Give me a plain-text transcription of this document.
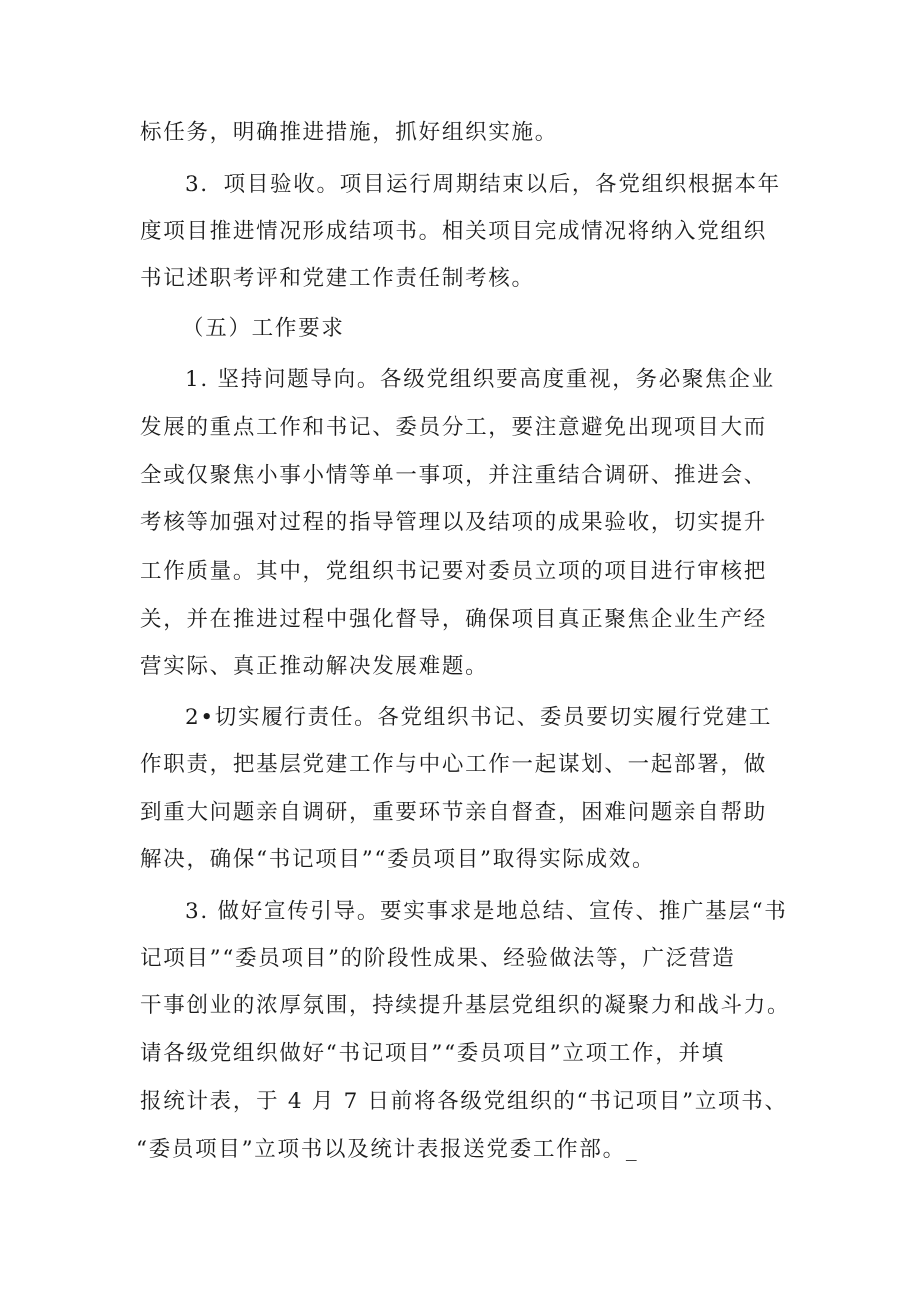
标任务，明确推进措施，抓好组织实施。
3．项目验收。项目运行周期结束以后，各党组织根据本年
度项目推进情况形成结项书。相关项目完成情况将纳入党组织
书记述职考评和党建工作责任制考核。
（五）工作要求
1. 坚持问题导向。各级党组织要高度重视，务必聚焦企业
发展的重点工作和书记、委员分工，要注意避免出现项目大而
全或仅聚焦小事小情等单一事项，并注重结合调研、推进会、
考核等加强对过程的指导管理以及结项的成果验收，切实提升
工作质量。其中，党组织书记要对委员立项的项目进行审核把
关，并在推进过程中强化督导，确保项目真正聚焦企业生产经
营实际、真正推动解决发展难题。
2•切实履行责任。各党组织书记、委员要切实履行党建工
作职责，把基层党建工作与中心工作一起谋划、一起部署，做
到重大问题亲自调研，重要环节亲自督查，困难问题亲自帮助
解决，确保“书记项目”“委员项目”取得实际成效。
3. 做好宣传引导。要实事求是地总结、宣传、推广基层“书
记项目”“委员项目”的阶段性成果、经验做法等，广泛营造
干事创业的浓厚氛围，持续提升基层党组织的凝聚力和战斗力。
请各级党组织做好“书记项目”“委员项目”立项工作，并填
报统计表，于 4 月 7 日前将各级党组织的“书记项目”立项书、
“委员项目”立项书以及统计表报送党委工作部。_
